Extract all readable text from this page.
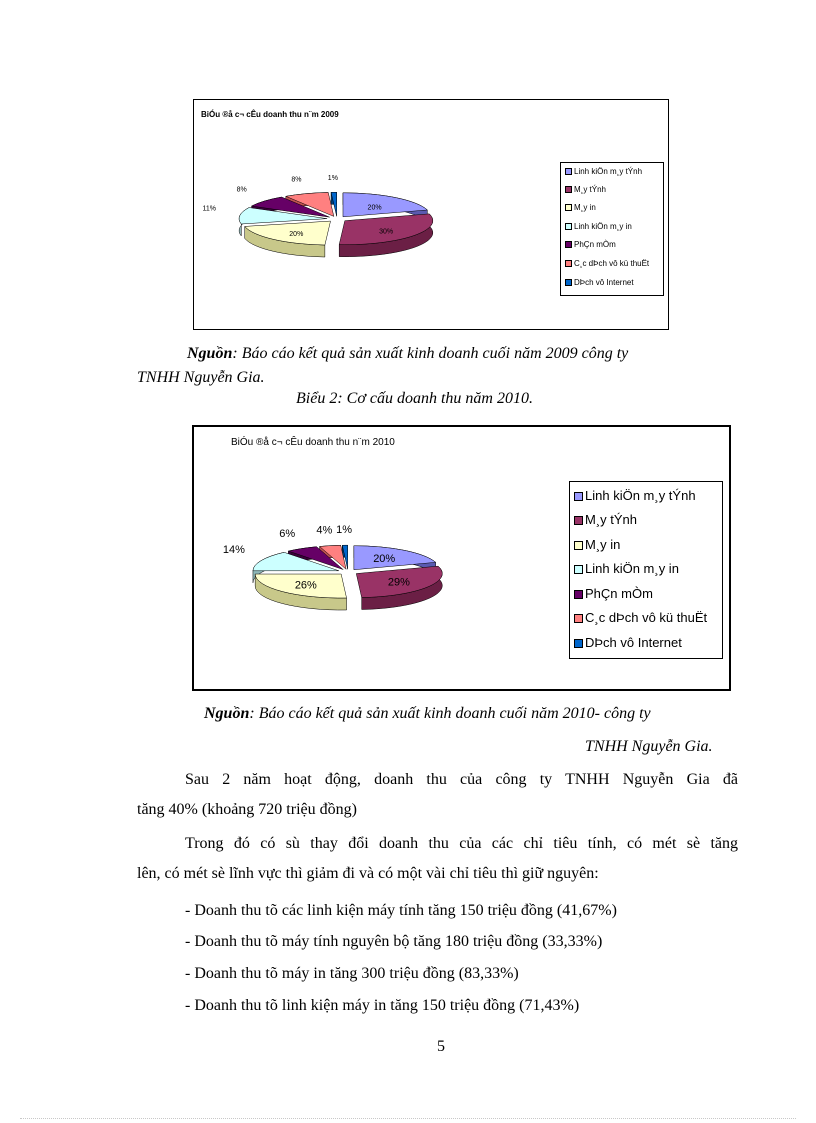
BiÓu ®å c¬ cÊu doanh thu n¨m 2009
20%
30%
20%
11%
8%
8%	1%
Linh kiÖn m¸y tÝnh
M¸y tÝnh
M¸y in
Linh kiÖn m¸y in
PhÇn mÒm
C¸c dÞch vô kü thuËt
DÞch vô Internet
Nguồn: Báo cáo kết quả sản xuất kinh doanh cuối năm 2009 công ty
TNHH Nguyễn Gia.
Biểu 2: Cơ cấu doanh thu năm 2010.
BiÓu ®å c¬ cÊu doanh thu n¨m 2010
20%
29%
26%
14%
6% 4% 1%
Linh kiÖn m¸y tÝnh
M¸y tÝnh
M¸y in
Linh kiÖn m¸y in
PhÇn mÒm
C¸c dÞch vô kü thuËt
DÞch vô Internet
Nguồn: Báo cáo kết quả sản xuất kinh doanh cuối năm 2010- công ty
TNHH Nguyễn Gia.
Sau 2 năm hoạt động, doanh thu của công ty TNHH Nguyễn Gia đã
tăng 40% (khoảng 720 triệu đồng)
Trong đó có sù thay đổi doanh thu của các chỉ tiêu tính, có mét sè tăng
lên, có mét sè lĩnh vực thì giảm đi và có một vài chỉ tiêu thì giữ nguyên:
- Doanh thu tõ các linh kiện máy tính tăng 150 triệu đồng (41,67%)
- Doanh thu tõ máy tính nguyên bộ tăng 180 triệu đồng (33,33%)
- Doanh thu tõ máy in tăng 300 triệu đồng (83,33%)
- Doanh thu tõ linh kiện máy in tăng 150 triệu đồng (71,43%)
5
